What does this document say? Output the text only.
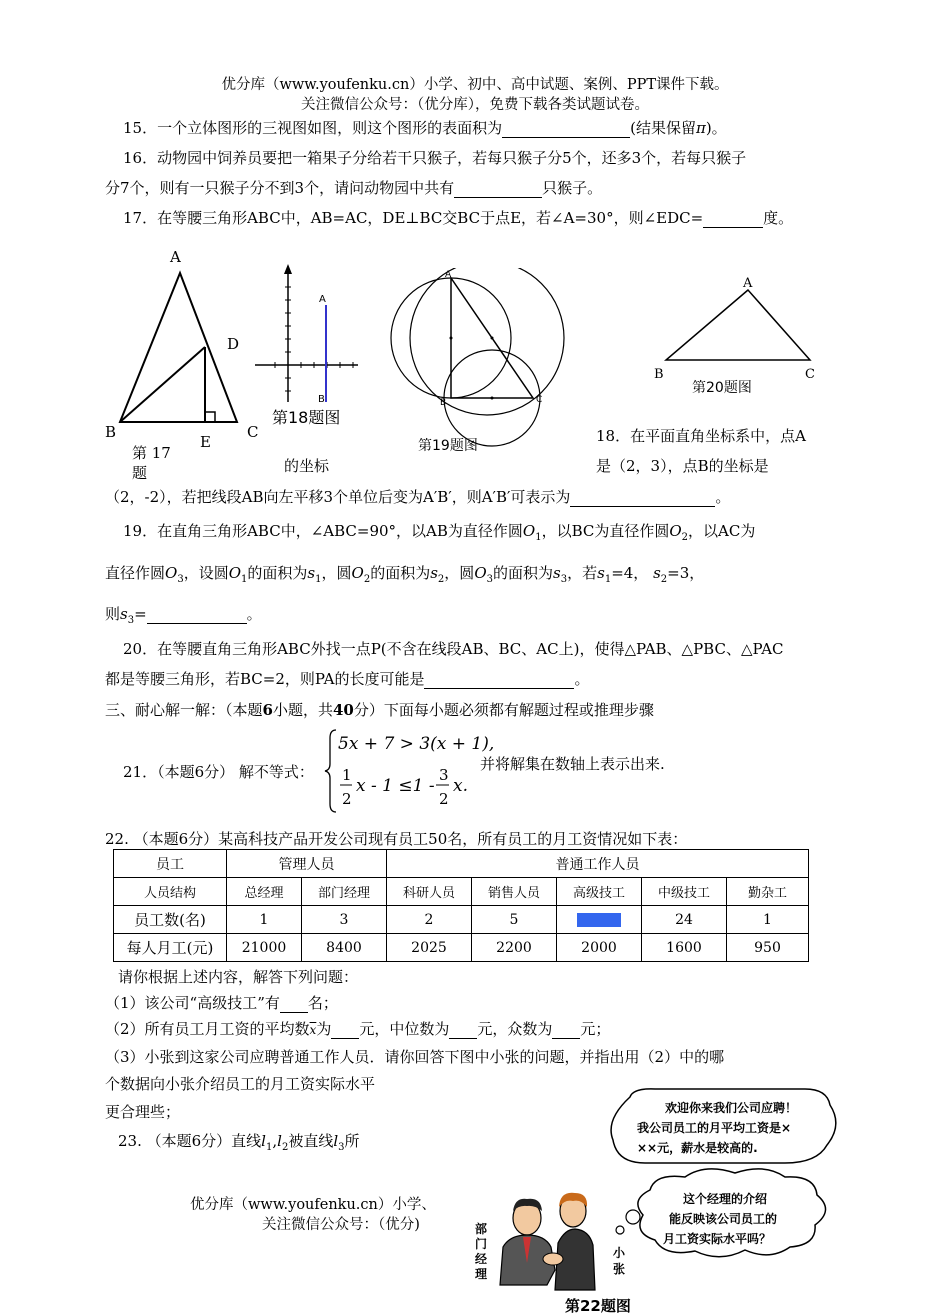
优分库（www.youfenku.cn）小学、初中、高中试题、案例、PPT课件下载。
关注微信公众号：（优分库），免费下载各类试题试卷。
15．一个立体图形的三视图如图，则这个图形的表面积为	(结果保留π)。
16．动物园中饲养员要把一箱果子分给若干只猴子，若每只猴子分5个，还多3个，若每只猴子
分7个，则有一只猴子分不到3个，请问动物园中共有	只猴子。
17．在等腰三角形ABC中，AB=AC，DE⊥BC交BC于点E，若∠A=30°，则∠EDC=	度。
A
D
B
E
C
第 17
题
A
B
第18题图
A
B	C
第19题图
A
B	C
第20题图
18．在平面直角坐标系中，点A
是（2，3），点B的坐标是
的坐标
（2，-2），若把线段AB向左平移3个单位后变为A′B′，则A′B′可表示为	。
19．在直角三角形ABC中，∠ABC=90°，以AB为直径作圆$O_1$，以BC为直径作圆$O_2$，以AC为
直径作圆$O_3$，设圆$O_1$的面积为$s_1$，圆$O_2$的面积为$s_2$，圆$O_3$的面积为$s_3$，若$s_1=4$， $s_2=3$，
则$s_3=$	。
20．在等腰直角三角形ABC外找一点P(不含在线段AB、BC、AC上)，使得△PAB、△PBC、△PAC
都是等腰三角形，若BC=2，则PA的长度可能是	。
三、耐心解一解：（本题6小题，共40分）下面每小题必须都有解题过程或推理步骤
21．（本题6分） 解不等式：
5x + 7 > 3(x + 1),
1
2
x - 1 ≤1 -
3
2
x.
并将解集在数轴上表示出来.
22. （本题6分）某高科技产品开发公司现有员工50名，所有员工的月工资情况如下表：
员工	管理人员		普通工作人员				
人员结构	总经理	部门经理	科研人员	销售人员	高级技工	中级技工	勤杂工
员工数(名)	1	3	2	5		24	1
每人月工(元)	21000	8400	2025	2200	2000	1600	950
请你根据上述内容，解答下列问题：
（1）该公司“高级技工”有 名；
（2）所有员工月工资的平均数$\overline{x}$为 元，中位数为 元，众数为 元；
（3）小张到这家公司应聘普通工作人员．请你回答下图中小张的问题，并指出用（2）中的哪
个数据向小张介绍员工的月工资实际水平
更合理些；
23. （本题6分）直线$l_1,l_2$被直线$l_3$所
优分库（www.youfenku.cn）小学、
关注微信公众号：（优分)
欢迎你来我们公司应聘！
我公司员工的月平均工资是×
××元，薪水是较高的.
这个经理的介绍
能反映该公司员工的
月工资实际水平吗？
部
门
经
理
小
张
第22题图
